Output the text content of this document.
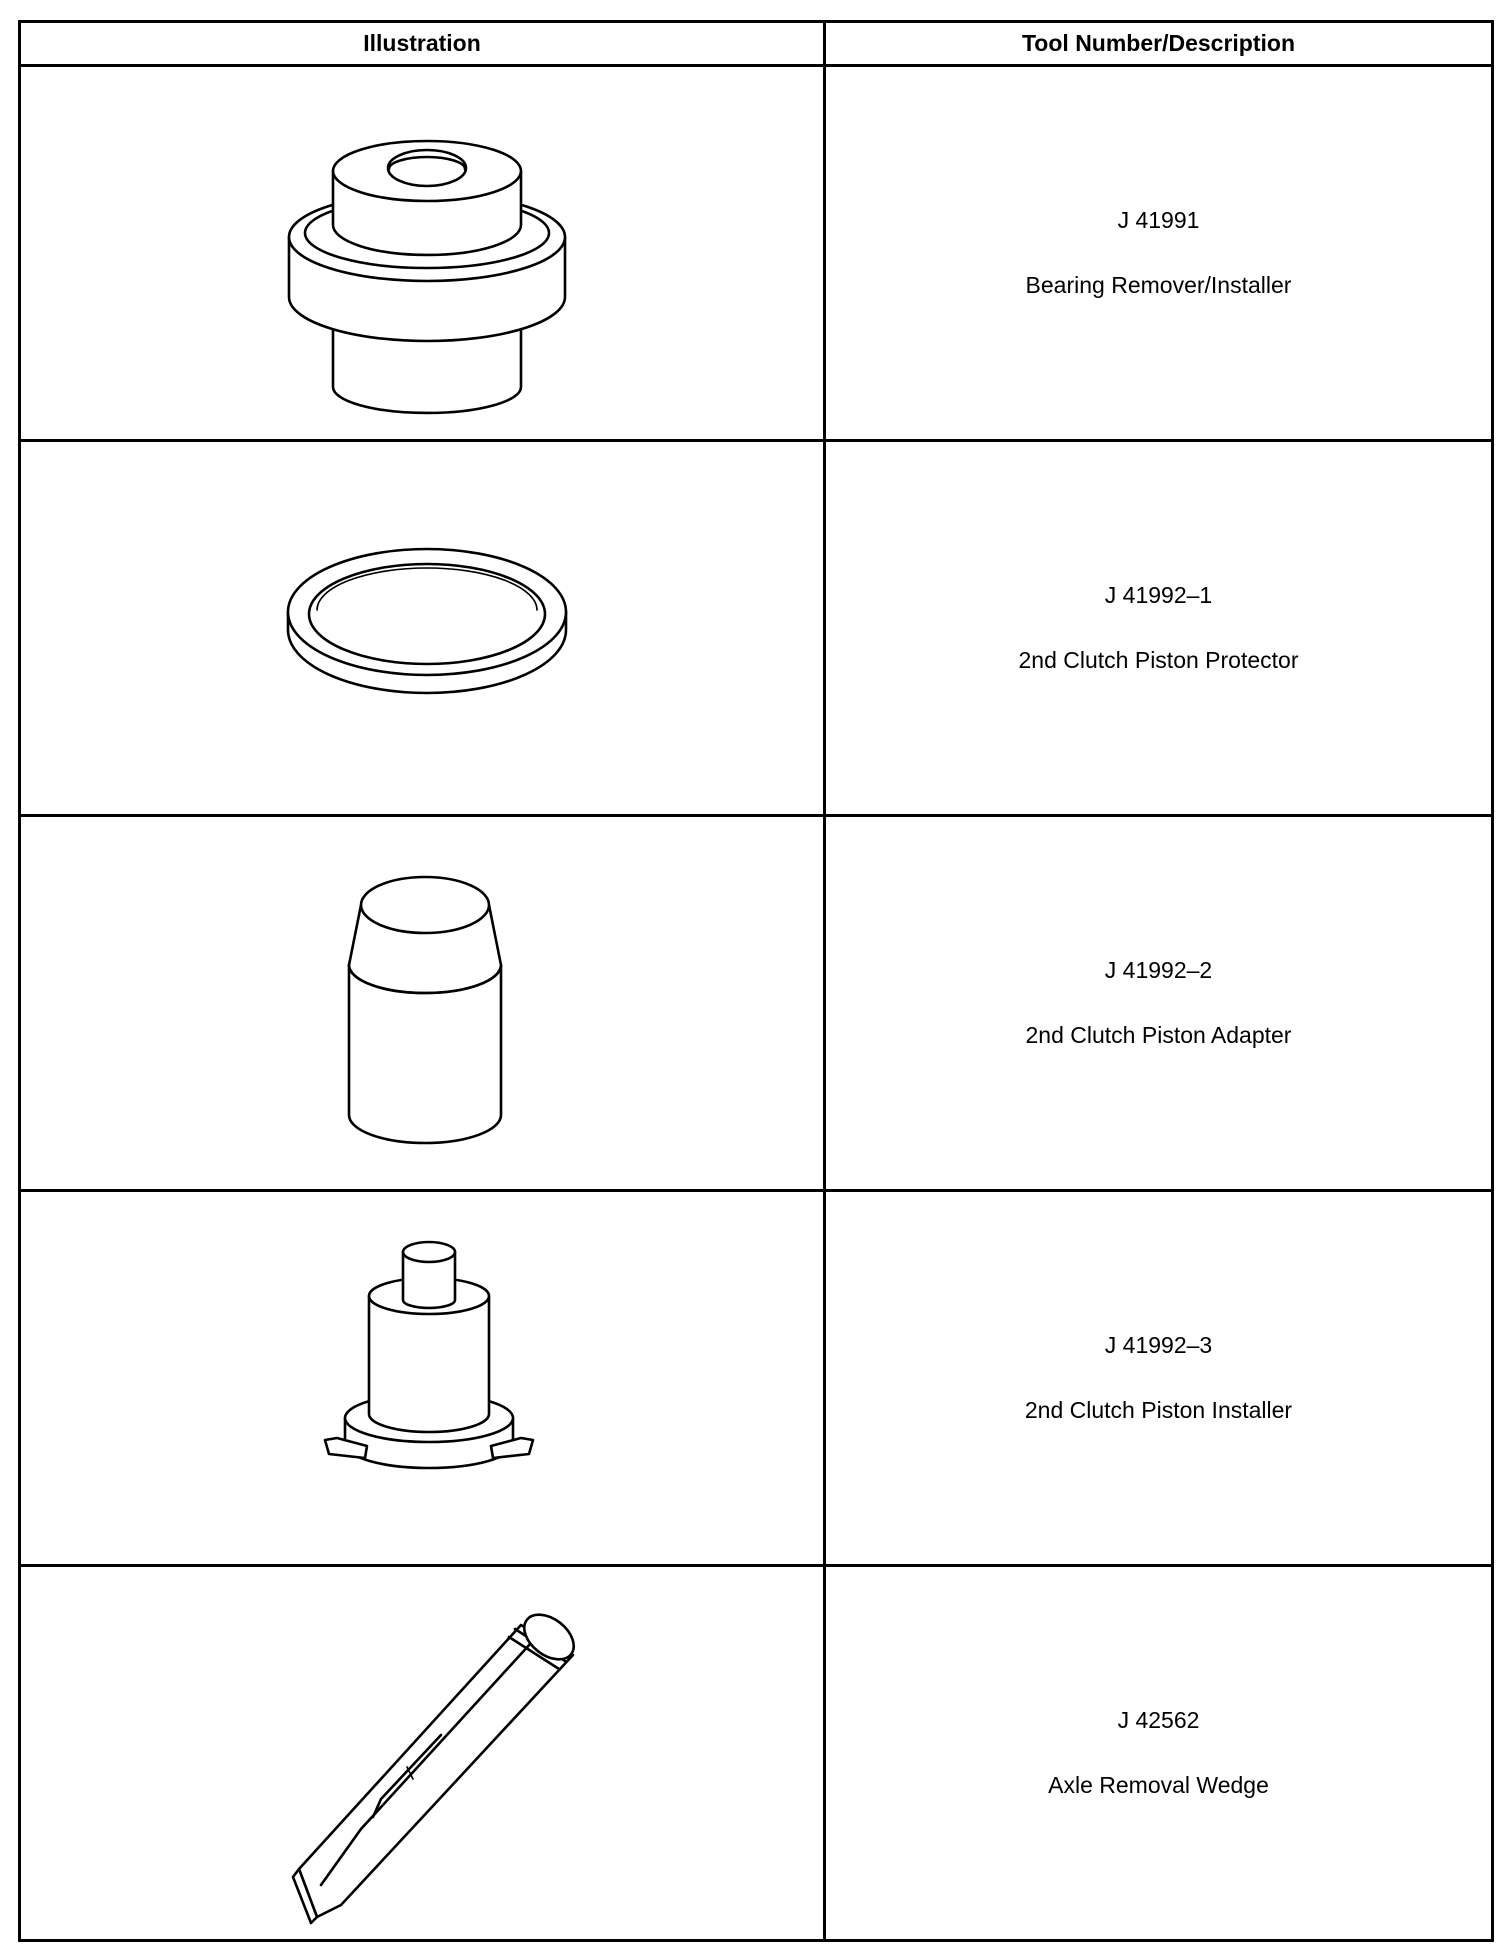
Illustration	Tool Number/Description

J 41991
Bearing Remover/Installer

J 41992–1
2nd Clutch Piston Protector

J 41992–2
2nd Clutch Piston Adapter

J 41992–3
2nd Clutch Piston Installer

J 42562
Axle Removal Wedge
